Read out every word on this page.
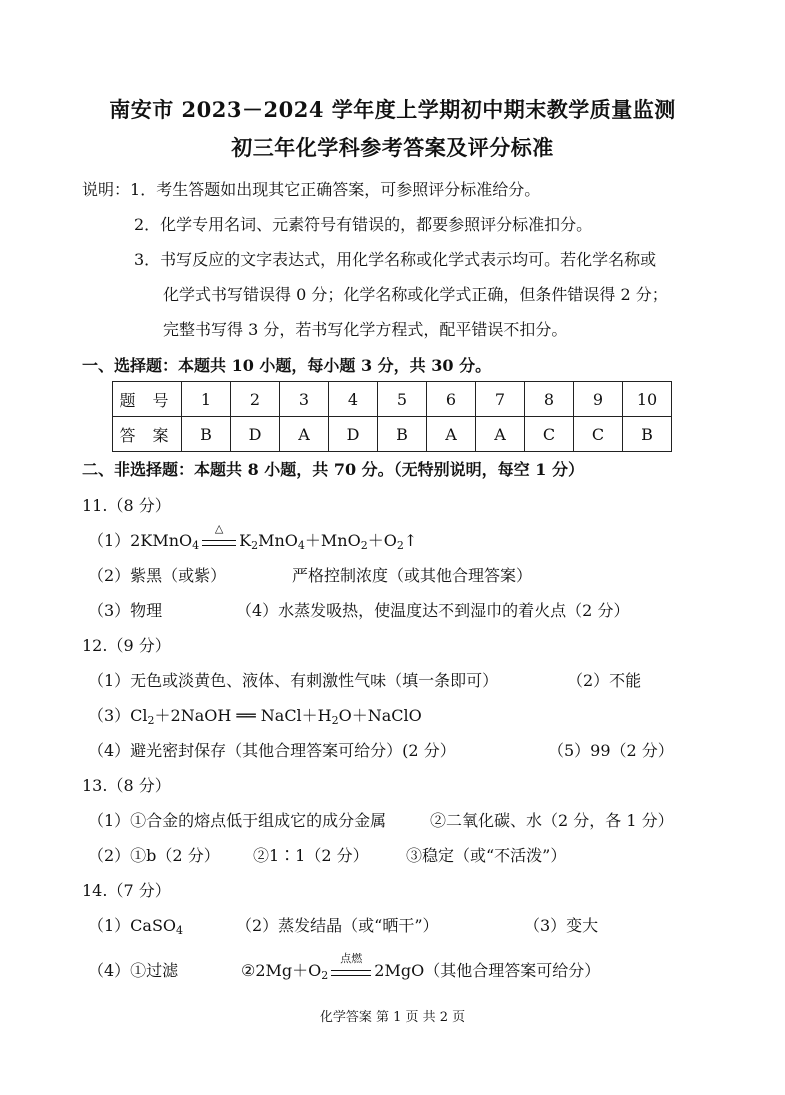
南安市 2023－2024 学年度上学期初中期末教学质量监测
初三年化学科参考答案及评分标准
说明：1．考生答题如出现其它正确答案，可参照评分标准给分。
2．化学专用名词、元素符号有错误的，都要参照评分标准扣分。
3．书写反应的文字表达式，用化学名称或化学式表示均可。若化学名称或
化学式书写错误得 0 分；化学名称或化学式正确，但条件错误得 2 分；
完整书写得 3 分，若书写化学方程式，配平错误不扣分。
一、选择题：本题共 10 小题，每小题 3 分，共 30 分。
题 号	1	2	3	4	5	6	7	8	9	10
答 案	B	D	A	D	B	A	A	C	C	B
二、非选择题：本题共 8 小题，共 70 分。（无特别说明，每空 1 分）
11.（8 分）
（1）2KMnO$_4$
△
$K_2MnO_4+MnO_2+O_2↑$
（2）紫黑（或紫）	严格控制浓度（或其他合理答案）
（3）物理	（4）水蒸发吸热，使温度达不到湿巾的着火点（2 分）
12.（9 分）
（1）无色或淡黄色、液体、有刺激性气味（填一条即可）	（2）不能
$(3)Cl_2+2NaOH$ ══ $NaCl+H_2O+NaClO$
（4）避光密封保存（其他合理答案可给分）(2 分）	（5）99（2 分）
13.（8 分）
（1）①合金的熔点低于组成它的成分金属	②二氧化碳、水（2 分，各 1 分）
（2）①b（2 分） ②1∶1（2 分） ③稳定（或“不活泼”）
14.（7 分）
（1）CaSO$_4$	（2）蒸发结晶（或“晒干”）	（3）变大
（4）①过滤	$②2Mg+O_2$
点燃
2MgO（其他合理答案可给分）
化学答案 第 1 页 共 2 页
